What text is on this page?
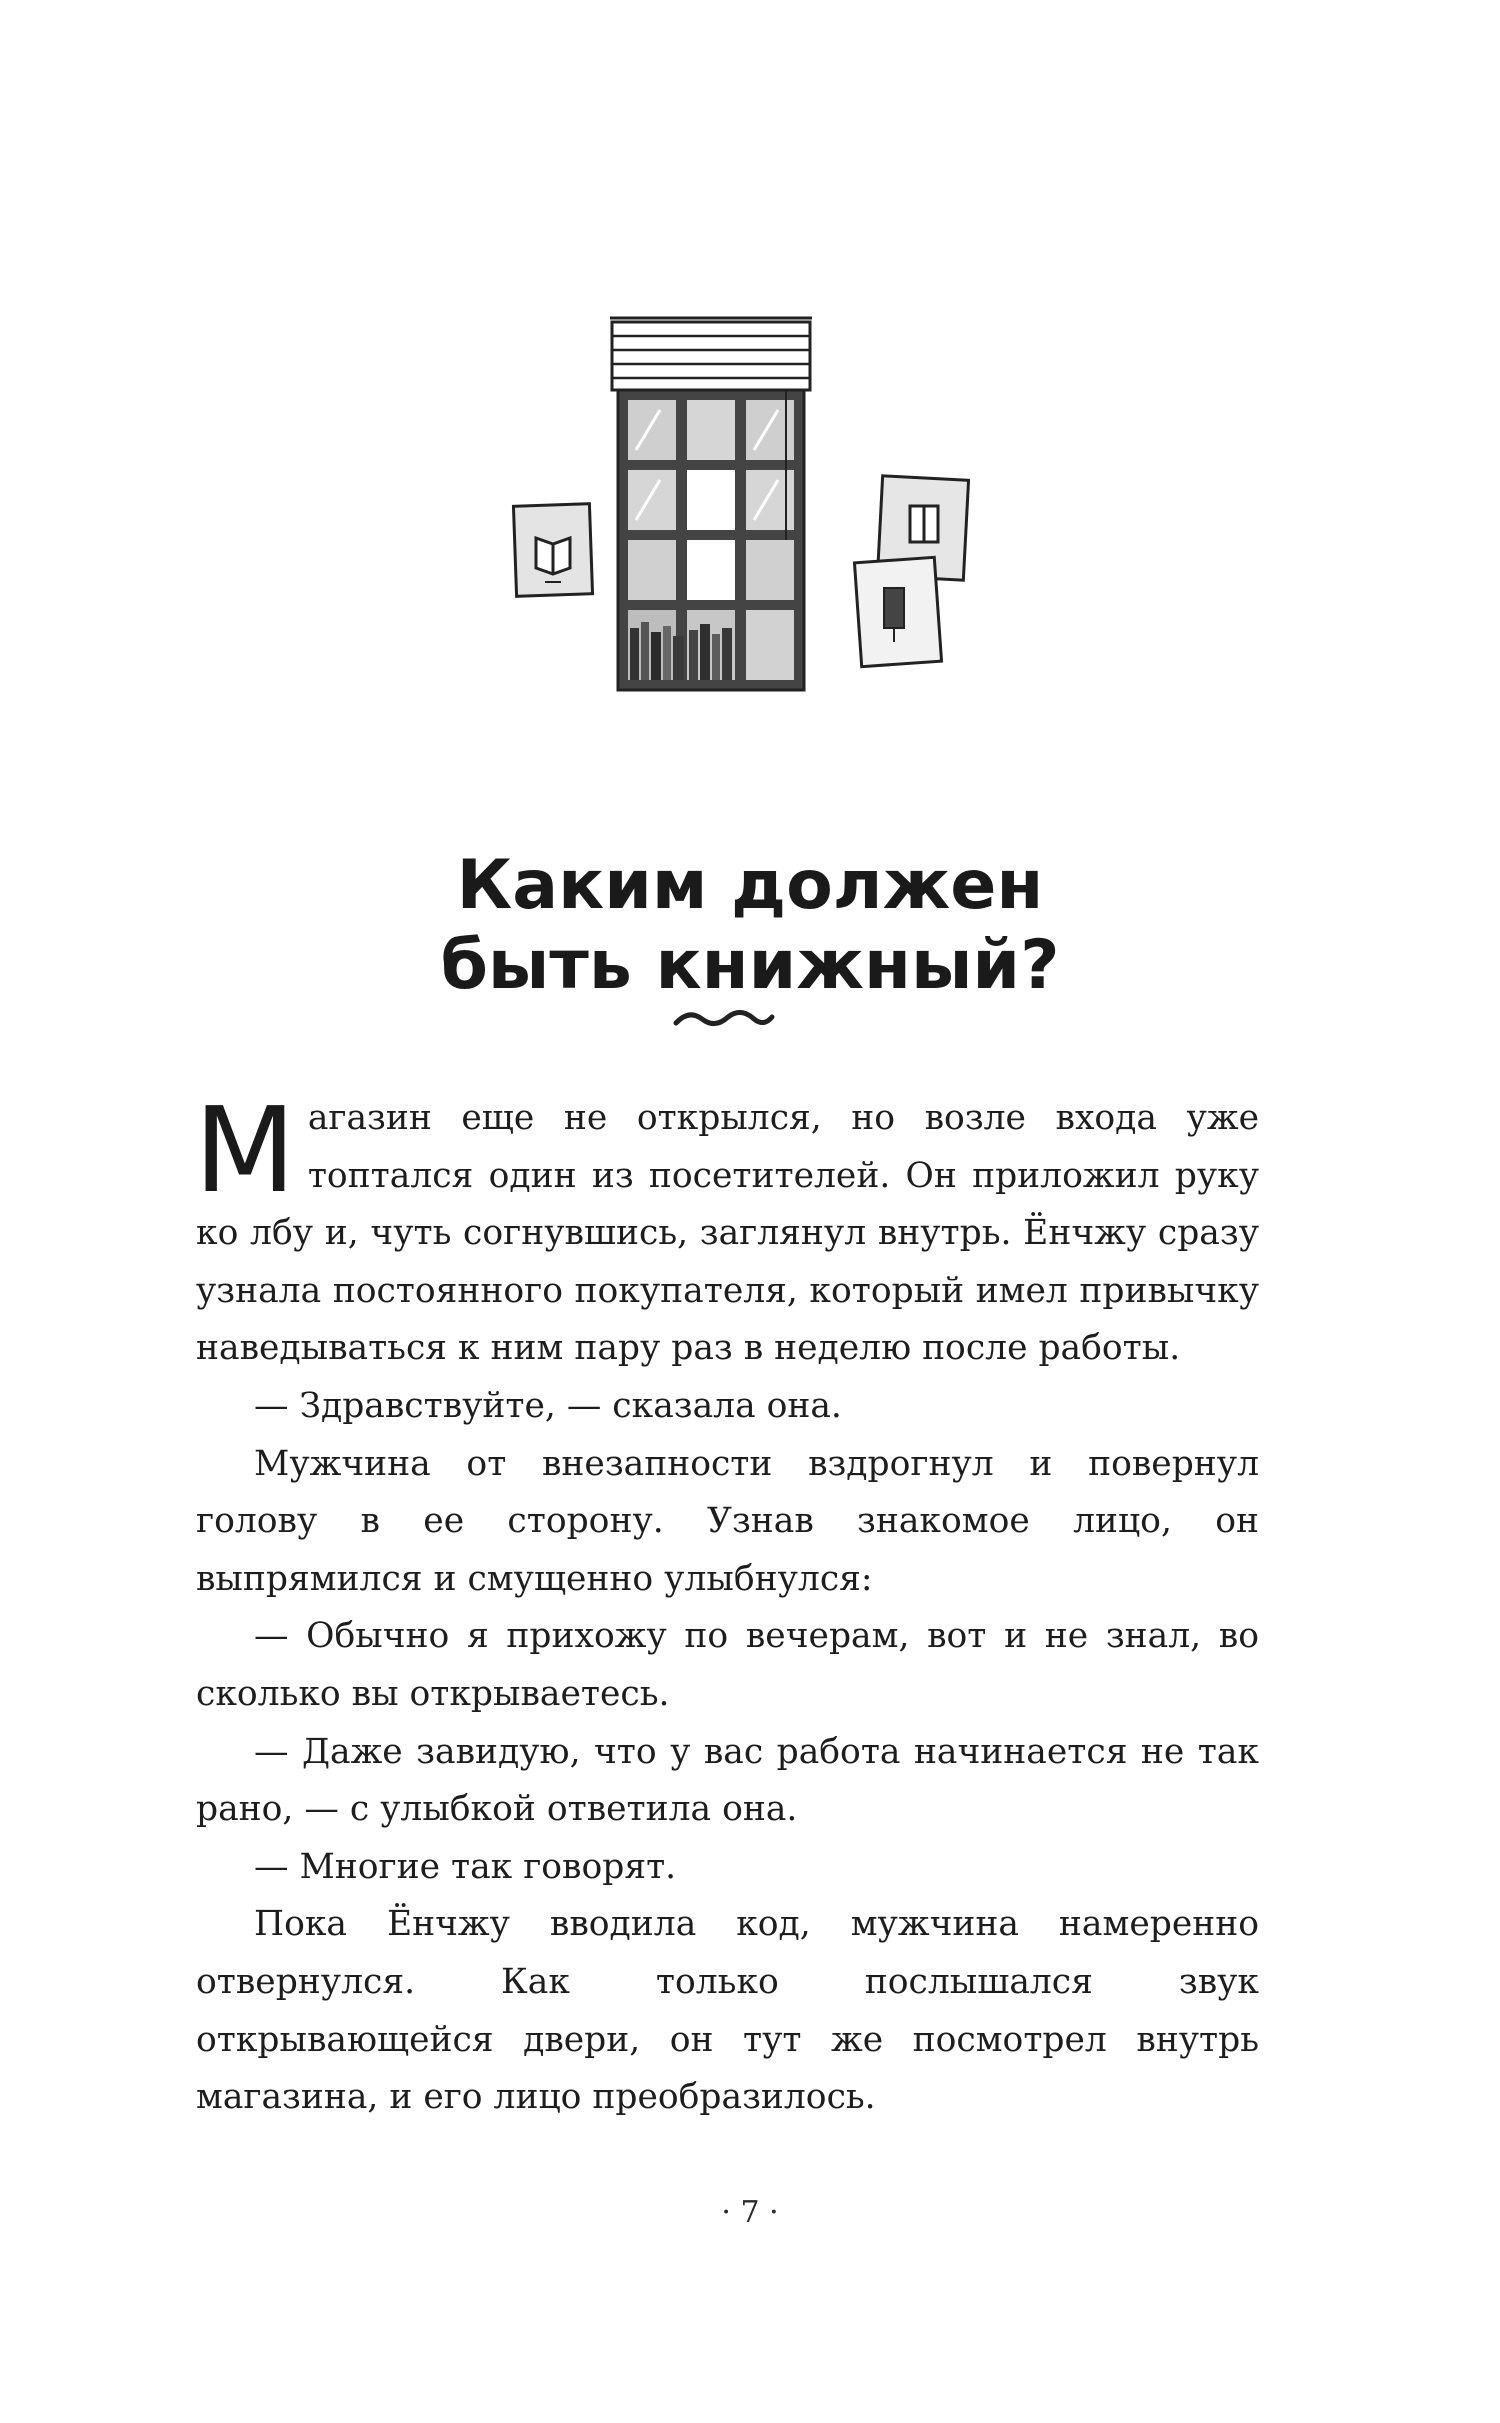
Каким должен
быть книжный?

Магазин еще не открылся, но возле входа уже топтался один из посетителей. Он приложил руку ко лбу и, чуть согнувшись, заглянул внутрь. Ёнчжу сразу узнала постоянного покупателя, который имел привычку наведываться к ним пару раз в неделю после работы.

— Здравствуйте, — сказала она.

Мужчина от внезапности вздрогнул и повернул голову в ее сторону. Узнав знакомое лицо, он выпрямился и смущенно улыбнулся:

— Обычно я прихожу по вечерам, вот и не знал, во сколько вы открываетесь.

— Даже завидую, что у вас работа начинается не так рано, — с улыбкой ответила она.

— Многие так говорят.

Пока Ёнчжу вводила код, мужчина намеренно отвернулся. Как только послышался звук открывающейся двери, он тут же посмотрел внутрь магазина, и его лицо преобразилось.

· 7 ·
